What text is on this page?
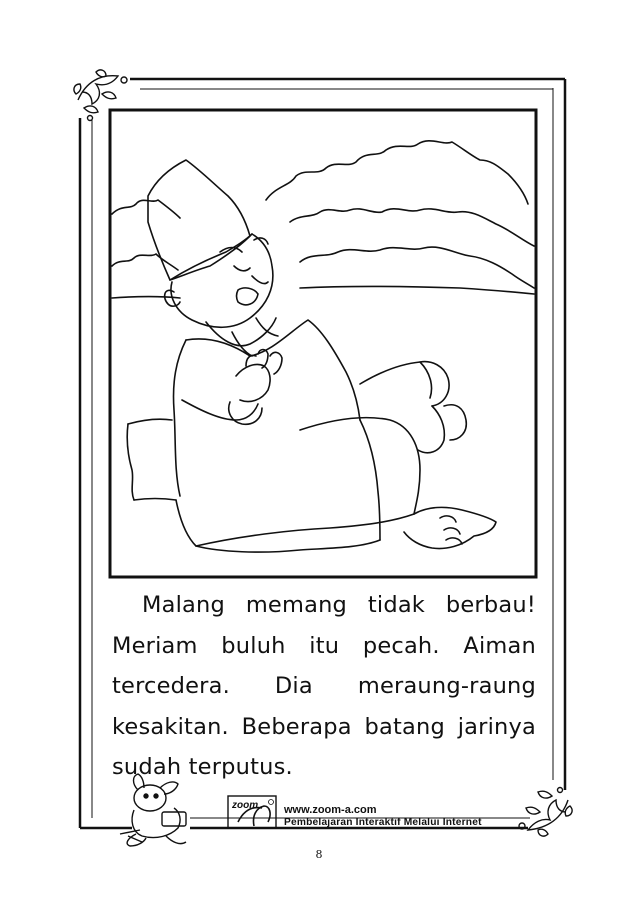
zoom

Malang memang tidak berbau! Meriam buluh itu pecah. Aiman tercedera. Dia meraung-raung kesakitan. Beberapa batang jarinya sudah terputus.

www.zoom-a.com
Pembelajaran Interaktif Melalui Internet
8
